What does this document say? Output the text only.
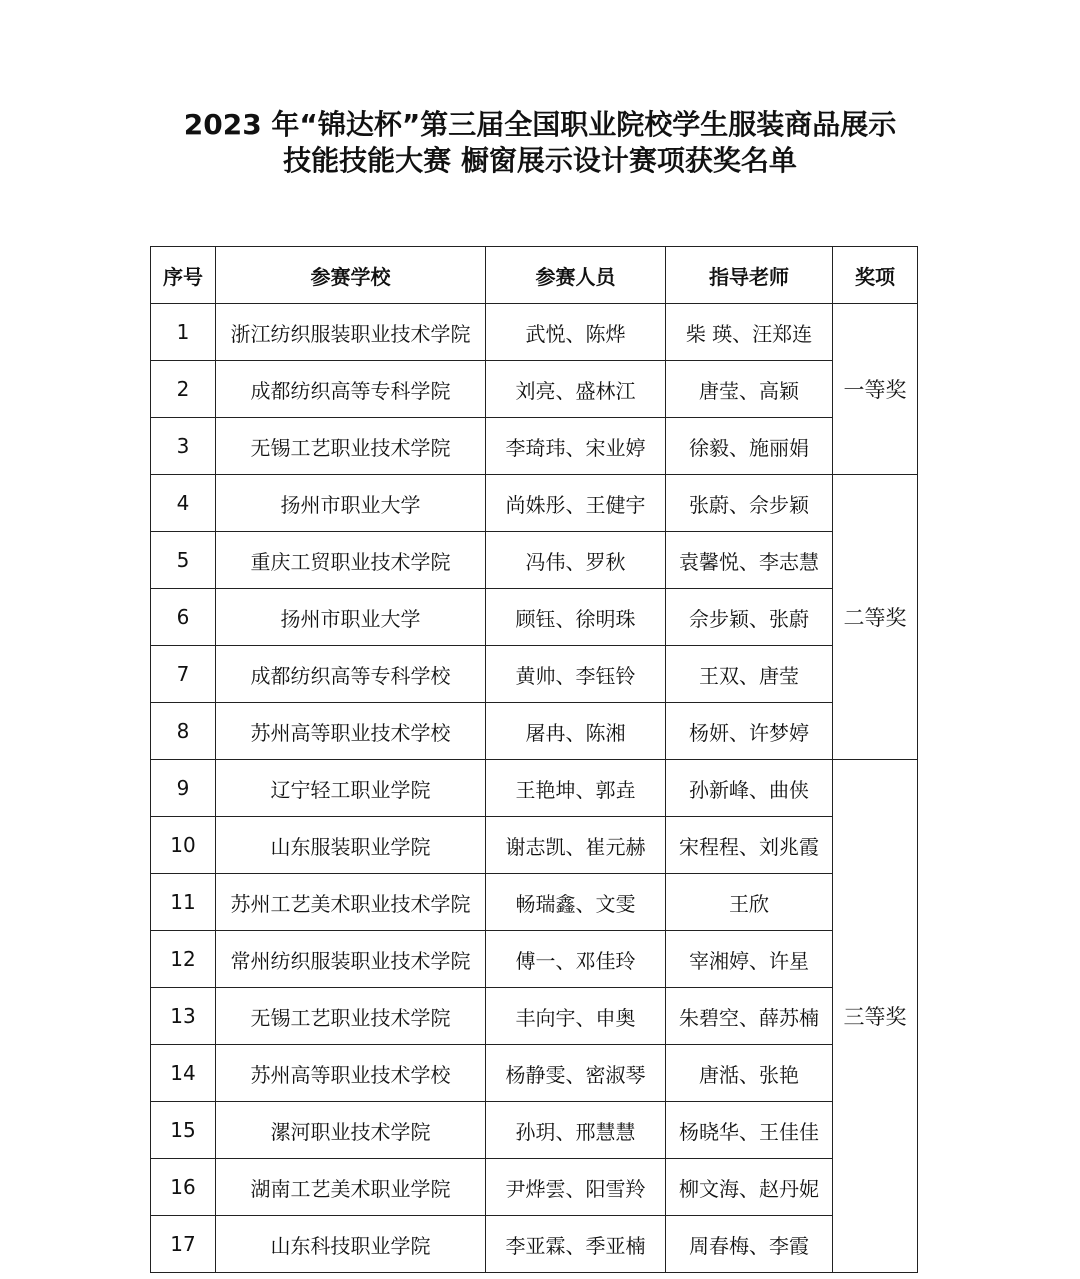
2023 年“锦达杯”第三届全国职业院校学生服装商品展示
技能技能大赛 橱窗展示设计赛项获奖名单
序号	参赛学校	参赛人员	指导老师	奖项
1	浙江纺织服装职业技术学院	武悦、陈烨	柴 瑛、汪郑连	一等奖
2	成都纺织高等专科学院	刘亮、盛林江	唐莹、高颖	
3	无锡工艺职业技术学院	李琦玮、宋业婷	徐毅、施丽娟	
4	扬州市职业大学	尚姝彤、王健宇	张蔚、佘步颖	二等奖
5	重庆工贸职业技术学院	冯伟、罗秋	袁馨悦、李志慧	
6	扬州市职业大学	顾钰、徐明珠	佘步颖、张蔚	
7	成都纺织高等专科学校	黄帅、李钰铃	王双、唐莹	
8	苏州高等职业技术学校	屠冉、陈湘	杨妍、许梦婷	
9	辽宁轻工职业学院	王艳坤、郭垚	孙新峰、曲侠	三等奖
10	山东服装职业学院	谢志凯、崔元赫	宋程程、刘兆霞	
11	苏州工艺美术职业技术学院	畅瑞鑫、文雯	王欣	
12	常州纺织服装职业技术学院	傅一、邓佳玲	宰湘婷、许星	
13	无锡工艺职业技术学院	丰向宇、申奥	朱碧空、薛苏楠	
14	苏州高等职业技术学校	杨静雯、密淑琴	唐湉、张艳	
15	漯河职业技术学院	孙玥、邢慧慧	杨晓华、王佳佳	
16	湖南工艺美术职业学院	尹烨雲、阳雪羚	柳文海、赵丹妮	
17	山东科技职业学院	李亚霖、季亚楠	周春梅、李霞	
